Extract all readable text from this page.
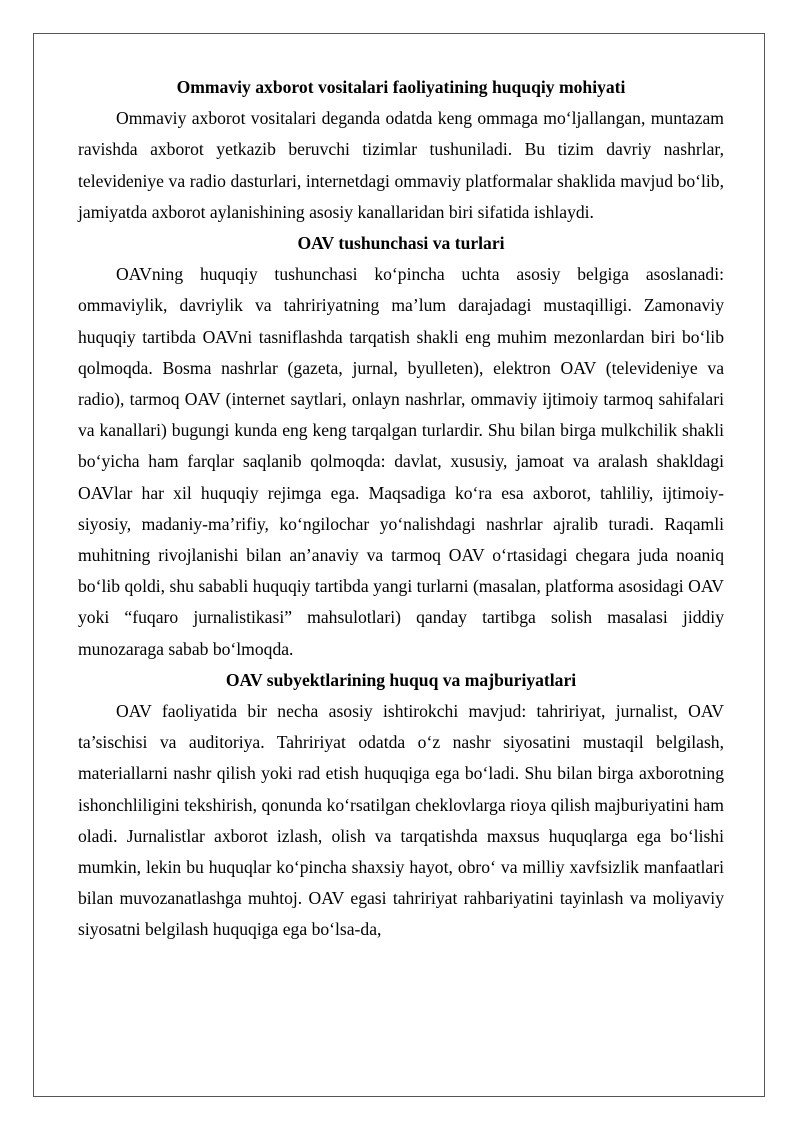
Ommaviy axborot vositalari faoliyatining huquqiy mohiyati

Ommaviy axborot vositalari deganda odatda keng ommaga mo‘ljallangan, muntazam ravishda axborot yetkazib beruvchi tizimlar tushuniladi. Bu tizim davriy nashrlar, televideniye va radio dasturlari, internetdagi ommaviy platformalar shaklida mavjud bo‘lib, jamiyatda axborot aylanishining asosiy kanallaridan biri sifatida ishlaydi.

OAV tushunchasi va turlari

OAVning huquqiy tushunchasi ko‘pincha uchta asosiy belgiga asoslanadi: ommaviylik, davriylik va tahririyatning ma’lum darajadagi mustaqilligi. Zamonaviy huquqiy tartibda OAVni tasniflashda tarqatish shakli eng muhim mezonlardan biri bo‘lib qolmoqda. Bosma nashrlar (gazeta, jurnal, byulleten), elektron OAV (televideniye va radio), tarmoq OAV (internet saytlari, onlayn nashrlar, ommaviy ijtimoiy tarmoq sahifalari va kanallari) bugungi kunda eng keng tarqalgan turlardir. Shu bilan birga mulkchilik shakli bo‘yicha ham farqlar saqlanib qolmoqda: davlat, xususiy, jamoat va aralash shakldagi OAVlar har xil huquqiy rejimga ega. Maqsadiga ko‘ra esa axborot, tahliliy, ijtimoiy-siyosiy, madaniy-ma’rifiy, ko‘ngilochar yo‘nalishdagi nashrlar ajralib turadi. Raqamli muhitning rivojlanishi bilan an’anaviy va tarmoq OAV o‘rtasidagi chegara juda noaniq bo‘lib qoldi, shu sababli huquqiy tartibda yangi turlarni (masalan, platforma asosidagi OAV yoki “fuqaro jurnalistikasi” mahsulotlari) qanday tartibga solish masalasi jiddiy munozaraga sabab bo‘lmoqda.

OAV subyektlarining huquq va majburiyatlari

OAV faoliyatida bir necha asosiy ishtirokchi mavjud: tahririyat, jurnalist, OAV ta’sischisi va auditoriya. Tahririyat odatda o‘z nashr siyosatini mustaqil belgilash, materiallarni nashr qilish yoki rad etish huquqiga ega bo‘ladi. Shu bilan birga axborotning ishonchliligini tekshirish, qonunda ko‘rsatilgan cheklovlarga rioya qilish majburiyatini ham oladi. Jurnalistlar axborot izlash, olish va tarqatishda maxsus huquqlarga ega bo‘lishi mumkin, lekin bu huquqlar ko‘pincha shaxsiy hayot, obro‘ va milliy xavfsizlik manfaatlari bilan muvozanatlashga muhtoj. OAV egasi tahririyat rahbariyatini tayinlash va moliyaviy siyosatni belgilash huquqiga ega bo‘lsa-da,
